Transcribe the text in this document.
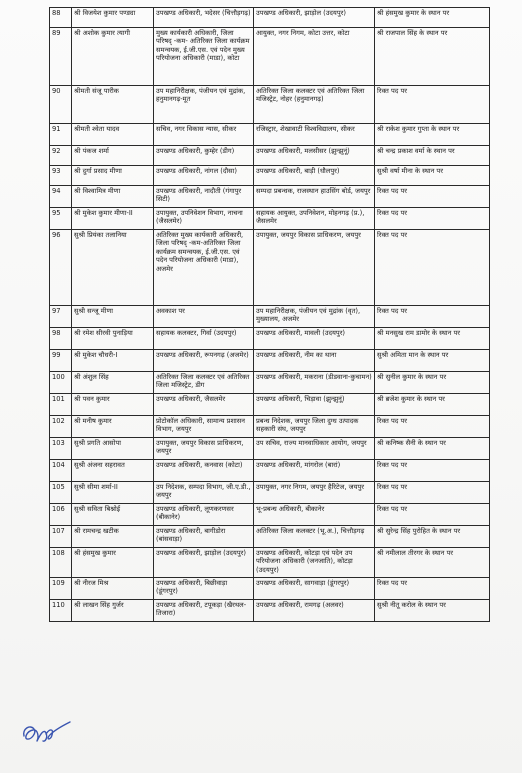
88	श्री विजयेश कुमार पण्ड्या	उपखण्ड अधिकारी, भदेसर (चित्तौड़गढ़)	उपखण्ड अधिकारी, झाड़ोल (उदयपुर)	श्री हंसमुख कुमार के स्थान पर
89	श्री अशोक कुमार त्यागी	मुख्य कार्यकारी अधिकारी, जिला परिषद् -कम- अतिरिक्त जिला कार्यक्रम समन्वयक, ई.जी.एस. एवं पदेन मुख्य परियोजना अधिकारी (माडा), कोटा	आयुक्त, नगर निगम, कोटा उत्तर, कोटा	श्री राजपाल सिंह के स्थान पर
90	श्रीमती संजू पारीक	उप महानिरीक्षक, पंजीयन एवं मुद्रांक, हनुमानगढ़-मूत	अतिरिक्त जिला कलक्टर एवं अतिरिक्त जिला मजिस्ट्रेट, नोहर (हनुमानगढ़)	रिक्त पद पर
91	श्रीमती श्वेता यादव	सचिव, नगर विकास न्यास, सीकर	रजिस्ट्रार, शेखावाटी विश्वविद्यालय, सीकर	श्री राकेश कुमार गुप्ता के स्थान पर
92	श्री पंकज शर्मा	उपखण्ड अधिकारी, कुम्हेर (डीग)	उपखण्ड अधिकारी, मलसीसर (झुन्झुनूं)	श्री चन्द्र प्रकाश वर्मा के स्थान पर
93	श्री दुर्गा प्रसाद मीणा	उपखण्ड अधिकारी, नांगल (दौसा)	उपखण्ड अधिकारी, बाड़ी (धौलपुर)	सुश्री वर्षा मीना के स्थान पर
94	श्री विश्वामित्र मीणा	उपखण्ड अधिकारी, नादौती (गंगापुर सिटी)	सम्पदा प्रबन्धक, राजस्थान हाउसिंग बोर्ड, जयपुर	रिक्त पद पर
95	श्री मुकेश कुमार मीणा-II	उपायुक्त, उपनिवेशन विभाग, नाचना (जैसलमेर)	सहायक आयुक्त, उपनिवेशन, मोहनगढ़ (प्र.), जैसलमेर	रिक्त पद पर
96	सुश्री प्रियंका तलानिया	अतिरिक्त मुख्य कार्यकारी अधिकारी, जिला परिषद् -कम-अतिरिक्त जिला कार्यक्रम समन्वयक, ई.जी.एस. एवं पदेन परियोजना अधिकारी (माडा), अजमेर	उपायुक्त, जयपुर विकास प्राधिकरण, जयपुर	रिक्त पद पर
97	सुश्री सन्जू मीणा	अवकाश पर	उप महानिरीक्षक, पंजीयन एवं मुद्रांक (वृत), मुख्यालय, अजमेर	रिक्त पद पर
98	श्री रमेश सीरवी पुनाड़िया	सहायक कलक्टर, गिर्वा (उदयपुर)	उपखण्ड अधिकारी, मावली (उदयपुर)	श्री मनसुख राम डामोर के स्थान पर
99	श्री मुकेश चौधरी-I	उपखण्ड अधिकारी, रूपनगढ़ (अजमेर)	उपखण्ड अधिकारी, नीम का थाना	सुश्री अमिता मान के स्थान पर
100	श्री अंशुल सिंह	अतिरिक्त जिला कलक्टर एवं अतिरिक्त जिला मजिस्ट्रेट, डीग	उपखण्ड अधिकारी, मकराना (डीडवाना-कुचामन)	श्री सुनील कुमार के स्थान पर
101	श्री पवन कुमार	उपखण्ड अधिकारी, जैसलमेर	उपखण्ड अधिकारी, चिड़ावा (झुन्झुनूं)	श्री ब्रजेश कुमार के स्थान पर
102	श्री मनीष कुमार	प्रोटोकॉल अधिकारी, सामान्य प्रशासन विभाग, जयपुर	प्रबन्ध निदेशक, जयपुर जिला दुग्ध उत्पादक सहकारी संघ, जयपुर	रिक्त पद पर
103	सुश्री प्रगति आसोपा	उपायुक्त, जयपुर विकास प्राधिकरण, जयपुर	उप सचिव, राज्य मानवाधिकार आयोग, जयपुर	श्री कनिष्क सैनी के स्थान पर
104	सुश्री अंजना सहरावत	उपखण्ड अधिकारी, कनवास (कोटा)	उपखण्ड अधिकारी, मांगरोल (बारां)	रिक्त पद पर
105	सुश्री सीमा शर्मा-II	उप निदेशक, सम्पदा विभाग, जी.ए.डी., जयपुर	उपायुक्त, नगर निगम, जयपुर हैरिटेज, जयपुर	रिक्त पद पर
106	सुश्री सविता बिश्नोई	उपखण्ड अधिकारी, लूणकरणसर (बीकानेर)	भू-प्रबन्ध अधिकारी, बीकानेर	रिक्त पद पर
107	श्री रामचन्द्र खटीक	उपखण्ड अधिकारी, बागीडोरा (बांसवाड़ा)	अतिरिक्त जिला कलक्टर (भू.अ.), चित्तौड़गढ़	श्री सुरेन्द्र सिंह पुरोहित के स्थान पर
108	श्री हंसमुख कुमार	उपखण्ड अधिकारी, झाड़ोल (उदयपुर)	उपखण्ड अधिकारी, कोटड़ा एवं पदेन उप परियोजना अधिकारी (जनजाति), कोटड़ा (उदयपुर)	श्री नमीलाल तीरगर के स्थान पर
109	श्री नीरज मिश्र	उपखण्ड अधिकारी, बिछीवाड़ा (डूंगरपुर)	उपखण्ड अधिकारी, सागवाड़ा (डूंगरपुर)	रिक्त पद पर
110	श्री लाखन सिंह गुर्जर	उपखण्ड अधिकारी, टपूकड़ा (खैरथल-तिजारा)	उपखण्ड अधिकारी, रामगढ़ (अलवर)	सुश्री नीतू करोल के स्थान पर
